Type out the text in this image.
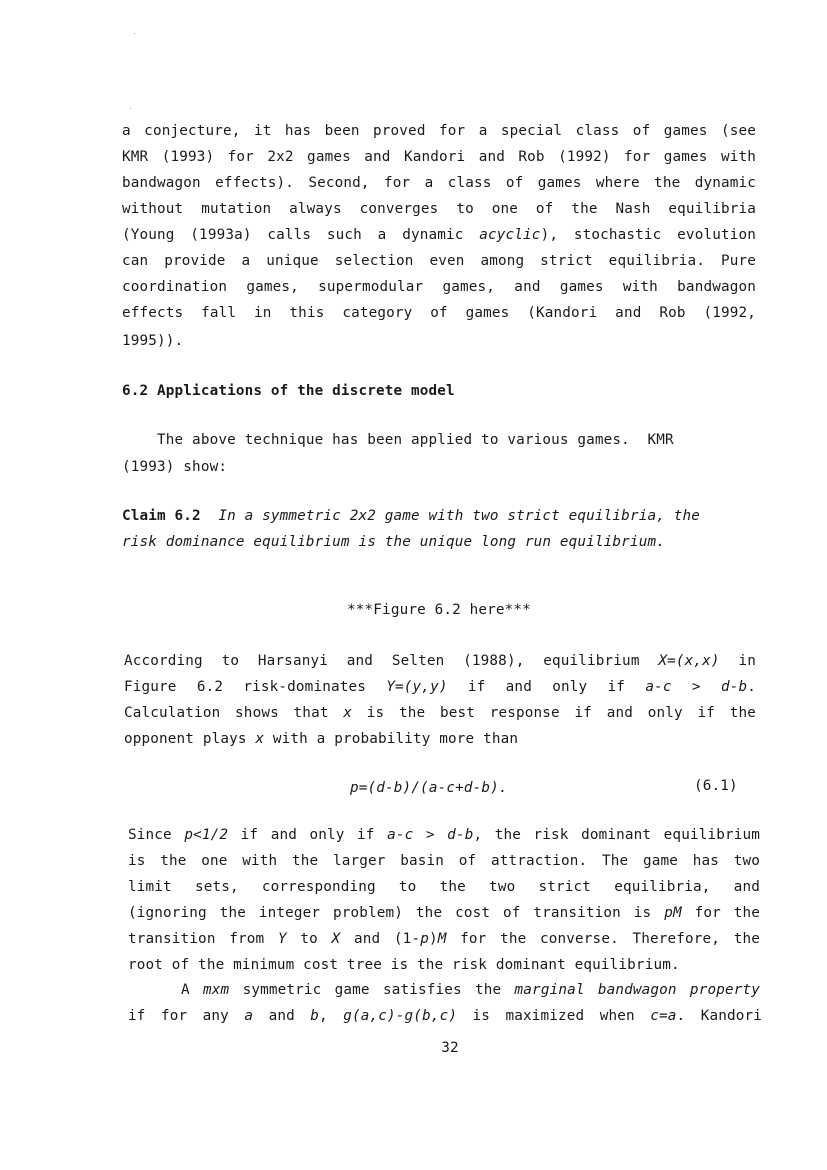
a conjecture, it has been proved for a special class of games (see
KMR (1993) for 2x2 games and Kandori and Rob (1992) for games with
bandwagon effects). Second, for a class of games where the dynamic
without mutation always converges to one of the Nash equilibria
(Young (1993a) calls such a dynamic acyclic), stochastic evolution
can provide a unique selection even among strict equilibria. Pure
coordination games, supermodular games, and games with bandwagon
effects fall in this category of games (Kandori and Rob (1992,
1995)).
6.2 Applications of the discrete model
The above technique has been applied to various games.  KMR
(1993) show:
Claim 6.2 In a symmetric 2x2 game with two strict equilibria, the
risk dominance equilibrium is the unique long run equilibrium.
***Figure 6.2 here***
According to Harsanyi and Selten (1988), equilibrium X=(x,x) in
Figure 6.2 risk-dominates Y=(y,y) if and only if a-c > d-b.
Calculation shows that x is the best response if and only if the
opponent plays x with a probability more than
p=(d-b)/(a-c+d-b).	(6.1)
Since p<1/2 if and only if a-c > d-b, the risk dominant equilibrium
is the one with the larger basin of attraction. The game has two
limit sets, corresponding to the two strict equilibria, and
(ignoring the integer problem) the cost of transition is pM for the
transition from Y to X and (1-p)M for the converse. Therefore, the
root of the minimum cost tree is the risk dominant equilibrium.
A mxm symmetric game satisfies the marginal bandwagon property
if for any a and b, g(a,c)-g(b,c) is maximized when c=a. Kandori
32
